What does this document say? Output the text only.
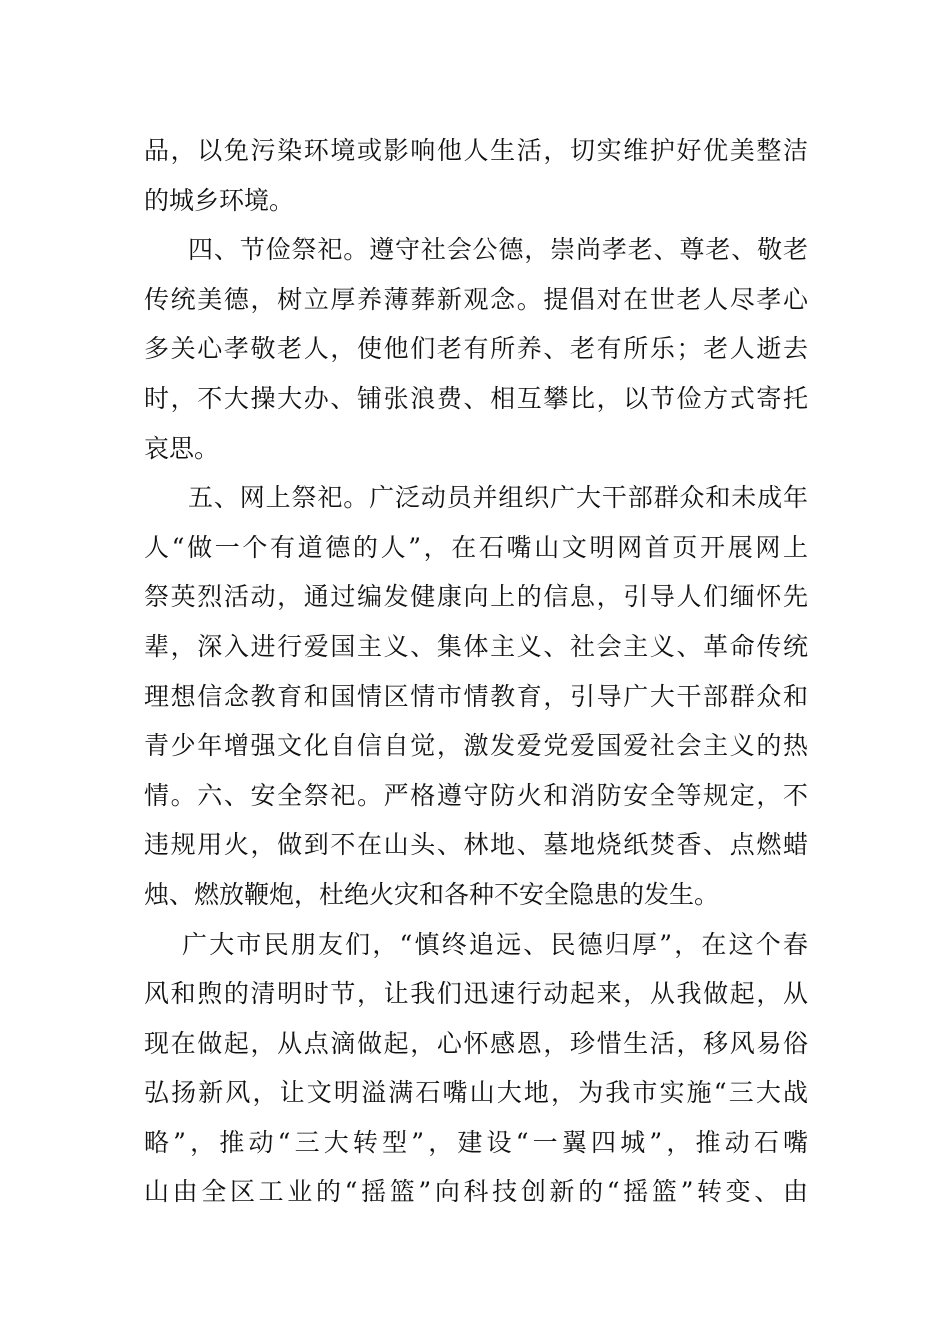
品，以免污染环境或影响他人生活，切实维护好优美整洁
的城乡环境。
四、节俭祭祀。遵守社会公德，崇尚孝老、尊老、敬老
传统美德，树立厚养薄葬新观念。提倡对在世老人尽孝心
多关心孝敬老人，使他们老有所养、老有所乐；老人逝去
时，不大操大办、铺张浪费、相互攀比，以节俭方式寄托
哀思。
五、网上祭祀。广泛动员并组织广大干部群众和未成年
人“做一个有道德的人”，在石嘴山文明网首页开展网上
祭英烈活动，通过编发健康向上的信息，引导人们缅怀先
辈，深入进行爱国主义、集体主义、社会主义、革命传统
理想信念教育和国情区情市情教育，引导广大干部群众和
青少年增强文化自信自觉，激发爱党爱国爱社会主义的热
情。六、安全祭祀。严格遵守防火和消防安全等规定，不
违规用火，做到不在山头、林地、墓地烧纸焚香、点燃蜡
烛、燃放鞭炮，杜绝火灾和各种不安全隐患的发生。
广大市民朋友们，“慎终追远、民德归厚”，在这个春
风和煦的清明时节，让我们迅速行动起来，从我做起，从
现在做起，从点滴做起，心怀感恩，珍惜生活，移风易俗
弘扬新风，让文明溢满石嘴山大地，为我市实施“三大战
略”，推动“三大转型”，建设“一翼四城”，推动石嘴
山由全区工业的“摇篮”向科技创新的“摇篮”转变、由
